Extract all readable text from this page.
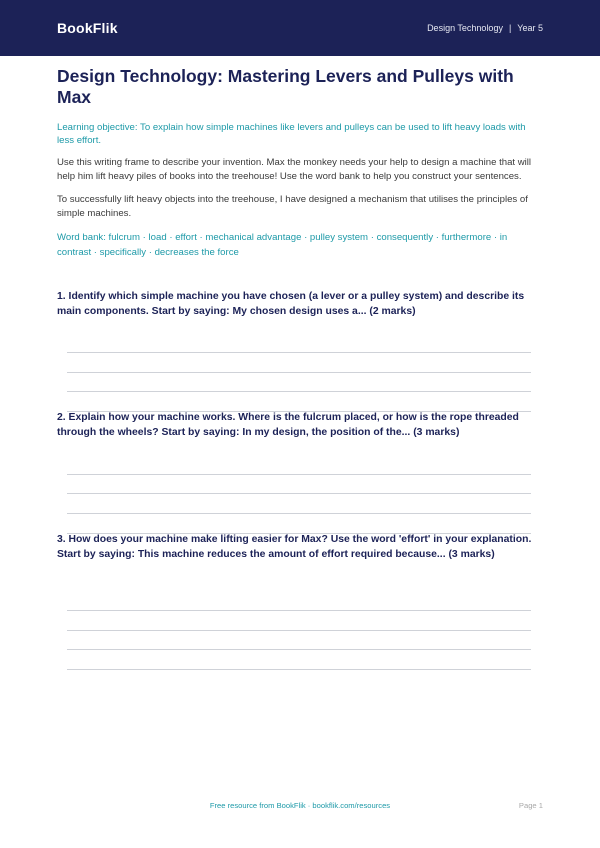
BookFlik	Design Technology | Year 5
Design Technology: Mastering Levers and Pulleys with Max
Learning objective: To explain how simple machines like levers and pulleys can be used to lift heavy loads with less effort.
Use this writing frame to describe your invention. Max the monkey needs your help to design a machine that will help him lift heavy piles of books into the treehouse! Use the word bank to help you construct your sentences.
To successfully lift heavy objects into the treehouse, I have designed a mechanism that utilises the principles of simple machines.
Word bank: fulcrum · load · effort · mechanical advantage · pulley system · consequently · furthermore · in contrast · specifically · decreases the force
1. Identify which simple machine you have chosen (a lever or a pulley system) and describe its main components. Start by saying: My chosen design uses a... (2 marks)
2. Explain how your machine works. Where is the fulcrum placed, or how is the rope threaded through the wheels? Start by saying: In my design, the position of the... (3 marks)
3. How does your machine make lifting easier for Max? Use the word 'effort' in your explanation. Start by saying: This machine reduces the amount of effort required because... (3 marks)
Free resource from BookFlik · bookflik.com/resources	Page 1
